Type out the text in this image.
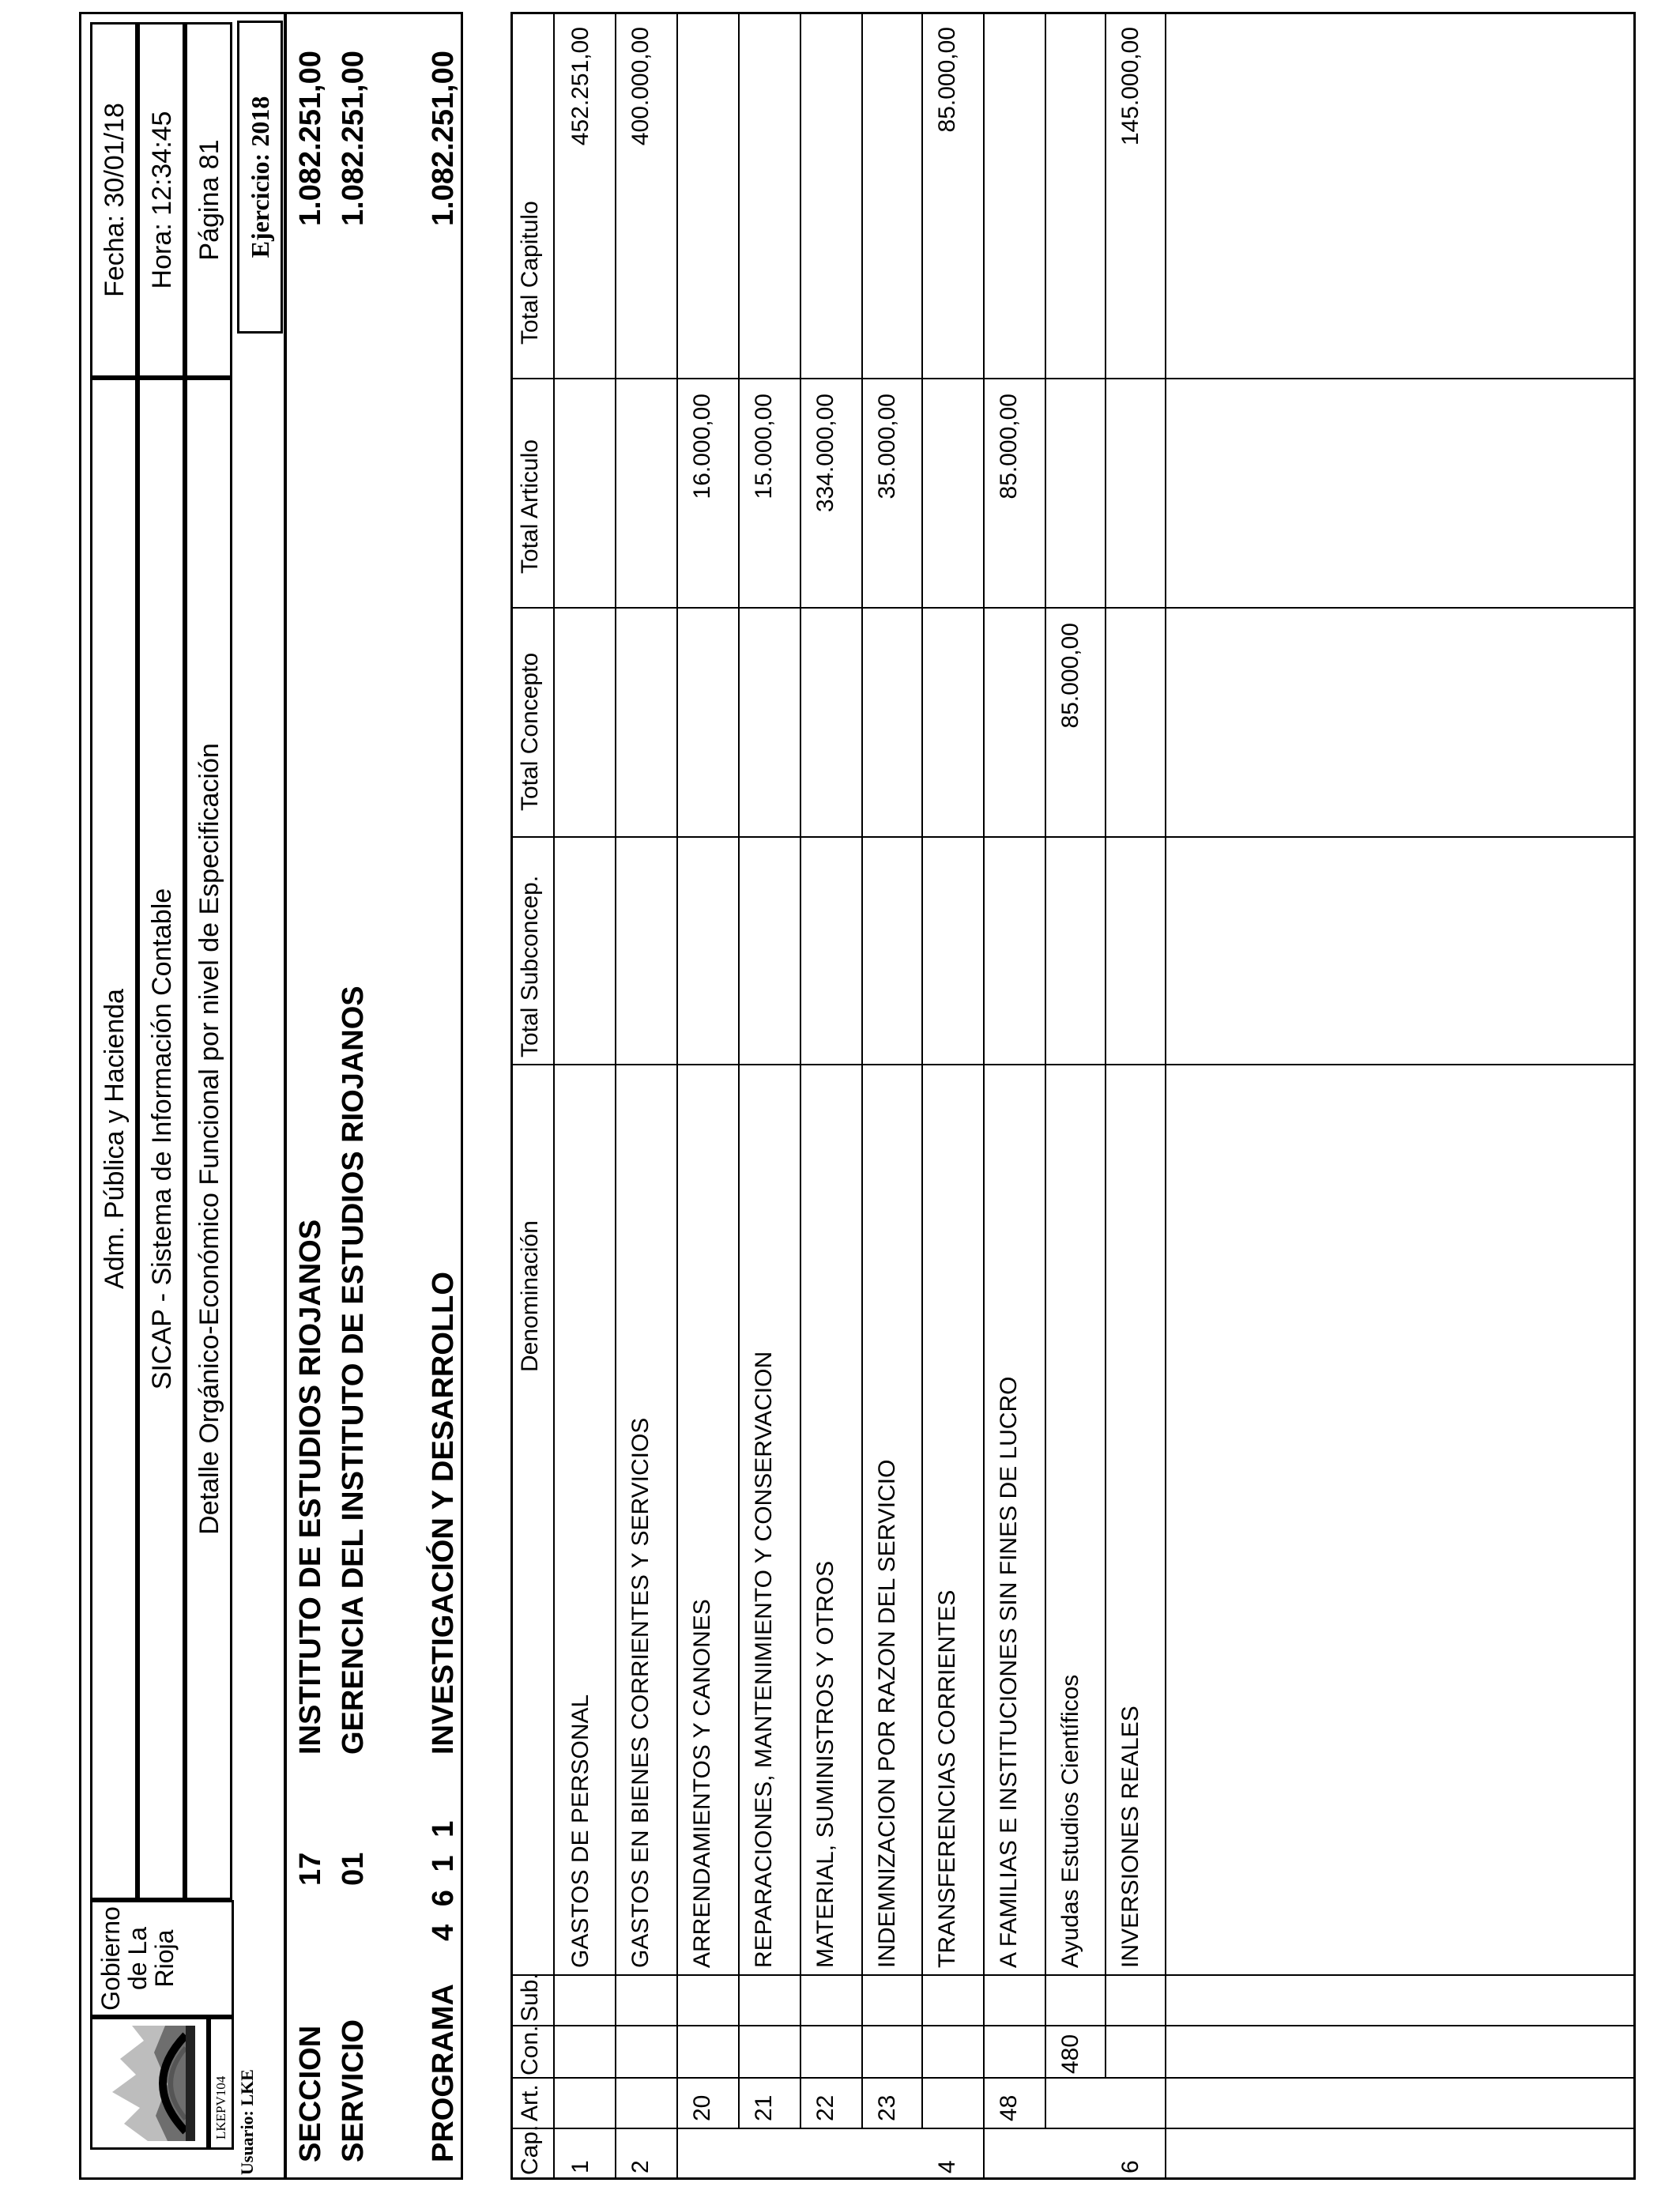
LKEPV104
Gobierno
de La
Rioja
Adm. Pública y Hacienda SICAP - Sistema de Información Contable Detalle Orgánico-Económico Funcional por nivel de Especificación
Fecha: 30/01/18 Hora: 12:34:45 Página 81
Usuario: LKE
Ejercicio: 2018
SECCION
17
INSTITUTO DE ESTUDIOS RIOJANOS
1.082.251,00
SERVICIO
01
GERENCIA DEL INSTITUTO DE ESTUDIOS RIOJANOS
1.082.251,00
PROGRAMA
4 6 1 1
INVESTIGACIÓN Y DESARROLLO
1.082.251,00
Cap.
Art.
Con.
Sub.
Denominación
Total Subconcep.
Total Concepto
Total Articulo
Total Capitulo
1
GASTOS DE PERSONAL
452.251,00
2
GASTOS EN BIENES CORRIENTES Y SERVICIOS
400.000,00
20
ARRENDAMIENTOS Y CANONES
16.000,00
21
REPARACIONES, MANTENIMIENTO Y CONSERVACION
15.000,00
22
MATERIAL, SUMINISTROS Y OTROS
334.000,00
23
INDEMNIZACION POR RAZON DEL SERVICIO
35.000,00
4
TRANSFERENCIAS CORRIENTES
85.000,00
48
A FAMILIAS E INSTITUCIONES SIN FINES DE LUCRO
85.000,00
480
Ayudas Estudios Científicos
85.000,00
6
INVERSIONES REALES
145.000,00
